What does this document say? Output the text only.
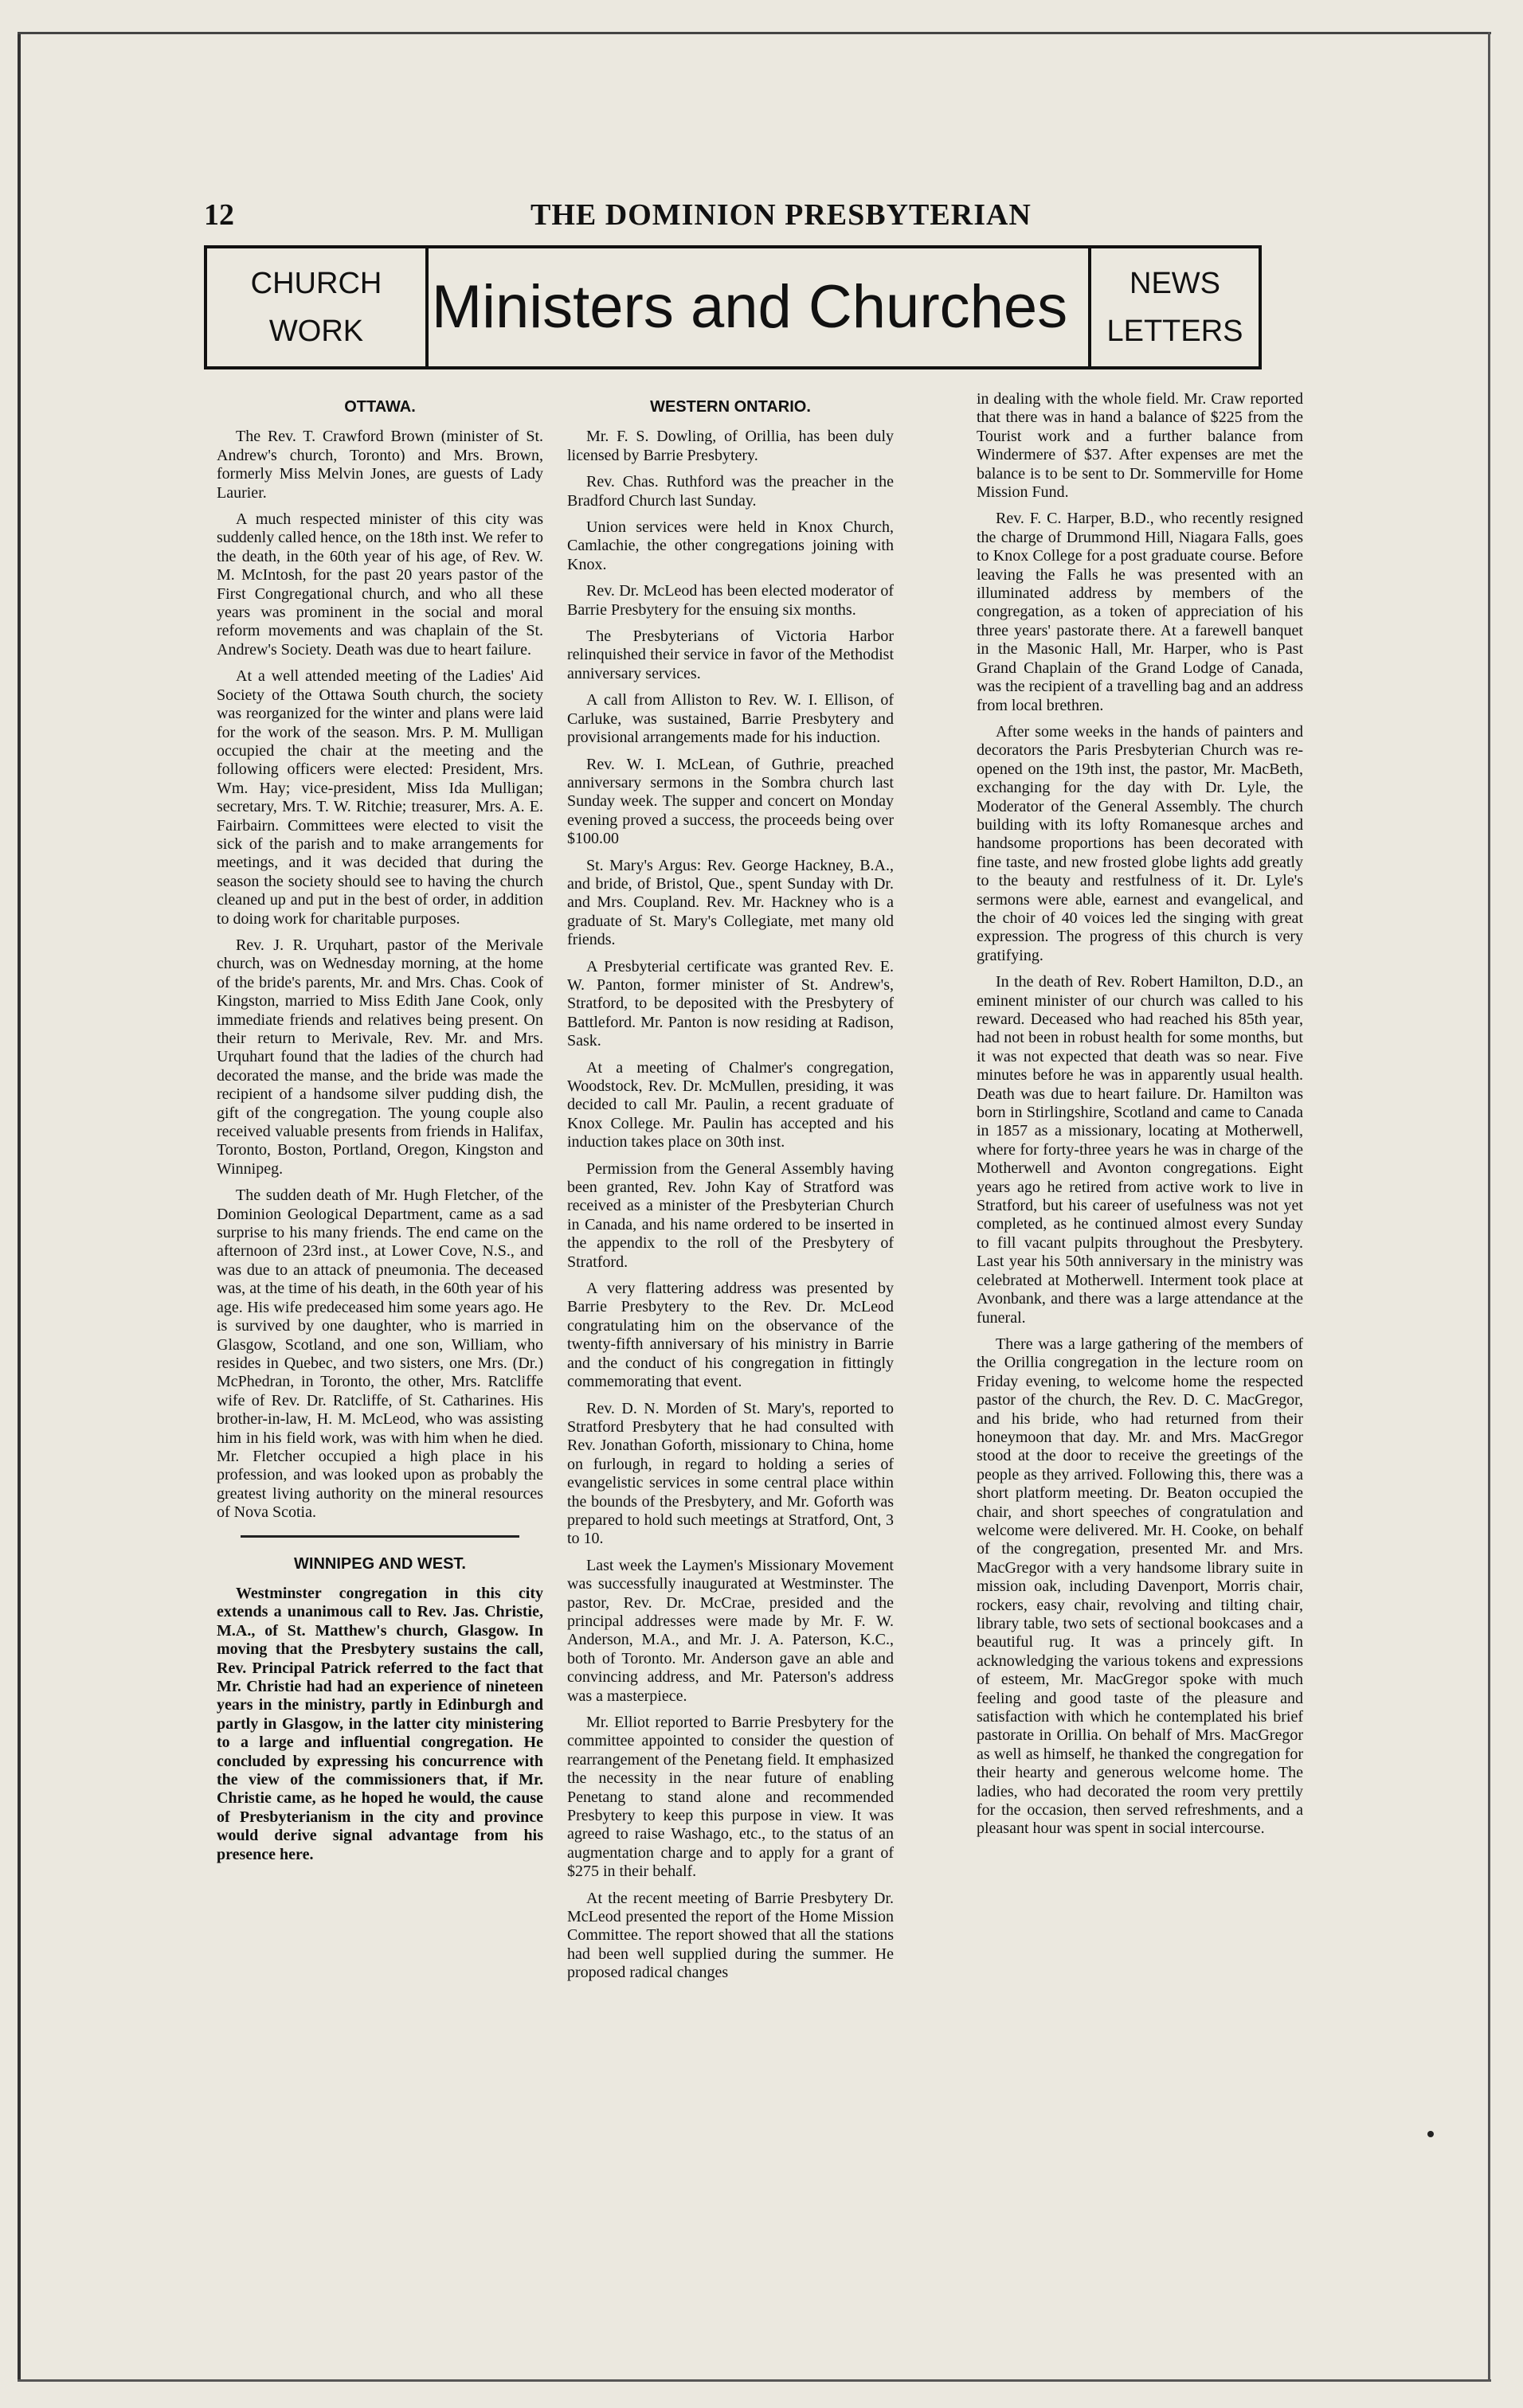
12	THE DOMINION PRESBYTERIAN
CHURCH
WORK	Ministers and Churches	NEWS
LETTERS

OTTAWA.

The Rev. T. Crawford Brown (minister of St. Andrew's church, Toronto) and Mrs. Brown, formerly Miss Melvin Jones, are guests of Lady Laurier.

A much respected minister of this city was suddenly called hence, on the 18th inst. We refer to the death, in the 60th year of his age, of Rev. W. M. McIntosh, for the past 20 years pastor of the First Congregational church, and who all these years was prominent in the social and moral reform movements and was chaplain of the St. Andrew's Society. Death was due to heart failure.

At a well attended meeting of the Ladies' Aid Society of the Ottawa South church, the society was reorganized for the winter and plans were laid for the work of the season. Mrs. P. M. Mulligan occupied the chair at the meeting and the following officers were elected: President, Mrs. Wm. Hay; vice-president, Miss Ida Mulligan; secretary, Mrs. T. W. Ritchie; treasurer, Mrs. A. E. Fairbairn. Committees were elected to visit the sick of the parish and to make arrangements for meetings, and it was decided that during the season the society should see to having the church cleaned up and put in the best of order, in addition to doing work for charitable purposes.

Rev. J. R. Urquhart, pastor of the Merivale church, was on Wednesday morning, at the home of the bride's parents, Mr. and Mrs. Chas. Cook of Kingston, married to Miss Edith Jane Cook, only immediate friends and relatives being present. On their return to Merivale, Rev. Mr. and Mrs. Urquhart found that the ladies of the church had decorated the manse, and the bride was made the recipient of a handsome silver pudding dish, the gift of the congregation. The young couple also received valuable presents from friends in Halifax, Toronto, Boston, Portland, Oregon, Kingston and Winnipeg.

The sudden death of Mr. Hugh Fletcher, of the Dominion Geological Department, came as a sad surprise to his many friends. The end came on the afternoon of 23rd inst., at Lower Cove, N.S., and was due to an attack of pneumonia. The deceased was, at the time of his death, in the 60th year of his age. His wife predeceased him some years ago. He is survived by one daughter, who is married in Glasgow, Scotland, and one son, William, who resides in Quebec, and two sisters, one Mrs. (Dr.) McPhedran, in Toronto, the other, Mrs. Ratcliffe wife of Rev. Dr. Ratcliffe, of St. Catharines. His brother-in-law, H. M. McLeod, who was assisting him in his field work, was with him when he died. Mr. Fletcher occupied a high place in his profession, and was looked upon as probably the greatest living authority on the mineral resources of Nova Scotia.

WINNIPEG AND WEST.

Westminster congregation in this city extends a unanimous call to Rev. Jas. Christie, M.A., of St. Matthew's church, Glasgow. In moving that the Presbytery sustains the call, Rev. Principal Patrick referred to the fact that Mr. Christie had had an experience of nineteen years in the ministry, partly in Edinburgh and partly in Glasgow, in the latter city ministering to a large and influential congregation. He concluded by expressing his concurrence with the view of the commissioners that, if Mr. Christie came, as he hoped he would, the cause of Presbyterianism in the city and province would derive signal advantage from his presence here.

WESTERN ONTARIO.

Mr. F. S. Dowling, of Orillia, has been duly licensed by Barrie Presbytery.

Rev. Chas. Ruthford was the preacher in the Bradford Church last Sunday.

Union services were held in Knox Church, Camlachie, the other congregations joining with Knox.

Rev. Dr. McLeod has been elected moderator of Barrie Presbytery for the ensuing six months.

The Presbyterians of Victoria Harbor relinquished their service in favor of the Methodist anniversary services.

A call from Alliston to Rev. W. I. Ellison, of Carluke, was sustained, Barrie Presbytery and provisional arrangements made for his induction.

Rev. W. I. McLean, of Guthrie, preached anniversary sermons in the Sombra church last Sunday week. The supper and concert on Monday evening proved a success, the proceeds being over $100.00

St. Mary's Argus: Rev. George Hackney, B.A., and bride, of Bristol, Que., spent Sunday with Dr. and Mrs. Coupland. Rev. Mr. Hackney who is a graduate of St. Mary's Collegiate, met many old friends.

A Presbyterial certificate was granted Rev. E. W. Panton, former minister of St. Andrew's, Stratford, to be deposited with the Presbytery of Battleford. Mr. Panton is now residing at Radison, Sask.

At a meeting of Chalmer's congregation, Woodstock, Rev. Dr. McMullen, presiding, it was decided to call Mr. Paulin, a recent graduate of Knox College. Mr. Paulin has accepted and his induction takes place on 30th inst.

Permission from the General Assembly having been granted, Rev. John Kay of Stratford was received as a minister of the Presbyterian Church in Canada, and his name ordered to be inserted in the appendix to the roll of the Presbytery of Stratford.

A very flattering address was presented by Barrie Presbytery to the Rev. Dr. McLeod congratulating him on the observance of the twenty-fifth anniversary of his ministry in Barrie and the conduct of his congregation in fittingly commemorating that event.

Rev. D. N. Morden of St. Mary's, reported to Stratford Presbytery that he had consulted with Rev. Jonathan Goforth, missionary to China, home on furlough, in regard to holding a series of evangelistic services in some central place within the bounds of the Presbytery, and Mr. Goforth was prepared to hold such meetings at Stratford, Ont, 3 to 10.

Last week the Laymen's Missionary Movement was successfully inaugurated at Westminster. The pastor, Rev. Dr. McCrae, presided and the principal addresses were made by Mr. F. W. Anderson, M.A., and Mr. J. A. Paterson, K.C., both of Toronto. Mr. Anderson gave an able and convincing address, and Mr. Paterson's address was a masterpiece.

Mr. Elliot reported to Barrie Presbytery for the committee appointed to consider the question of rearrangement of the Penetang field. It emphasized the necessity in the near future of enabling Penetang to stand alone and recommended Presbytery to keep this purpose in view. It was agreed to raise Washago, etc., to the status of an augmentation charge and to apply for a grant of $275 in their behalf.

At the recent meeting of Barrie Presbytery Dr. McLeod presented the report of the Home Mission Committee. The report showed that all the stations had been well supplied during the summer. He proposed radical changes

in dealing with the whole field. Mr. Craw reported that there was in hand a balance of $225 from the Tourist work and a further balance from Windermere of $37. After expenses are met the balance is to be sent to Dr. Sommerville for Home Mission Fund.

Rev. F. C. Harper, B.D., who recently resigned the charge of Drummond Hill, Niagara Falls, goes to Knox College for a post graduate course. Before leaving the Falls he was presented with an illuminated address by members of the congregation, as a token of appreciation of his three years' pastorate there. At a farewell banquet in the Masonic Hall, Mr. Harper, who is Past Grand Chaplain of the Grand Lodge of Canada, was the recipient of a travelling bag and an address from local brethren.

After some weeks in the hands of painters and decorators the Paris Presbyterian Church was re-opened on the 19th inst, the pastor, Mr. MacBeth, exchanging for the day with Dr. Lyle, the Moderator of the General Assembly. The church building with its lofty Romanesque arches and handsome proportions has been decorated with fine taste, and new frosted globe lights add greatly to the beauty and restfulness of it. Dr. Lyle's sermons were able, earnest and evangelical, and the choir of 40 voices led the singing with great expression. The progress of this church is very gratifying.

In the death of Rev. Robert Hamilton, D.D., an eminent minister of our church was called to his reward. Deceased who had reached his 85th year, had not been in robust health for some months, but it was not expected that death was so near. Five minutes before he was in apparently usual health. Death was due to heart failure. Dr. Hamilton was born in Stirlingshire, Scotland and came to Canada in 1857 as a missionary, locating at Motherwell, where for forty-three years he was in charge of the Motherwell and Avonton congregations. Eight years ago he retired from active work to live in Stratford, but his career of usefulness was not yet completed, as he continued almost every Sunday to fill vacant pulpits throughout the Presbytery. Last year his 50th anniversary in the ministry was celebrated at Motherwell. Interment took place at Avonbank, and there was a large attendance at the funeral.

There was a large gathering of the members of the Orillia congregation in the lecture room on Friday evening, to welcome home the respected pastor of the church, the Rev. D. C. MacGregor, and his bride, who had returned from their honeymoon that day. Mr. and Mrs. MacGregor stood at the door to receive the greetings of the people as they arrived. Following this, there was a short platform meeting. Dr. Beaton occupied the chair, and short speeches of congratulation and welcome were delivered. Mr. H. Cooke, on behalf of the congregation, presented Mr. and Mrs. MacGregor with a very handsome library suite in mission oak, including Davenport, Morris chair, rockers, easy chair, revolving and tilting chair, library table, two sets of sectional bookcases and a beautiful rug. It was a princely gift. In acknowledging the various tokens and expressions of esteem, Mr. MacGregor spoke with much feeling and good taste of the pleasure and satisfaction with which he contemplated his brief pastorate in Orillia. On behalf of Mrs. MacGregor as well as himself, he thanked the congregation for their hearty and generous welcome home. The ladies, who had decorated the room very prettily for the occasion, then served refreshments, and a pleasant hour was spent in social intercourse.
